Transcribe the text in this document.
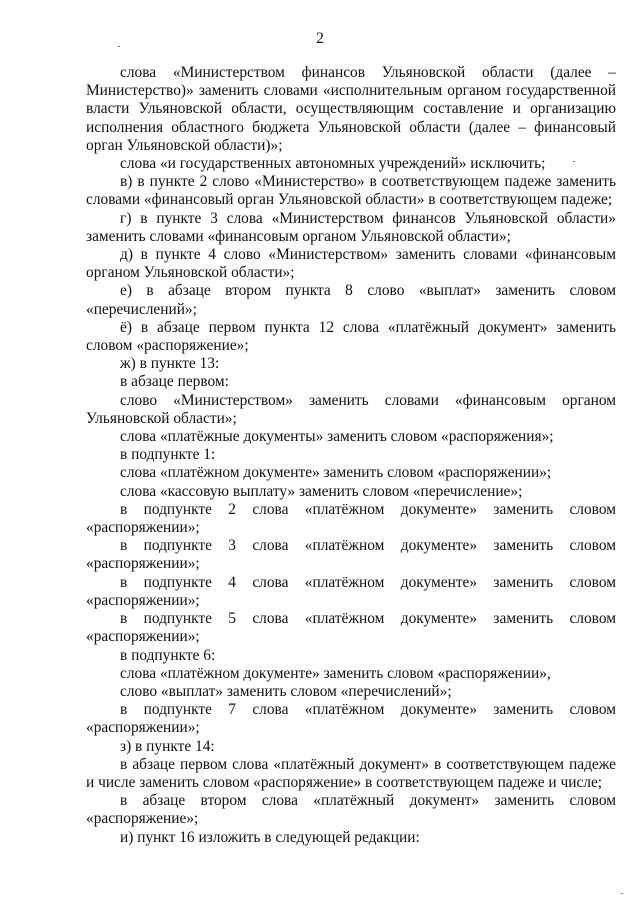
2

слова «Министерством финансов Ульяновской области (далее – Министерство)» заменить словами «исполнительным органом государственной власти Ульяновской области, осуществляющим составление и организацию исполнения областного бюджета Ульяновской области (далее – финансовый орган Ульяновской области)»;

слова «и государственных автономных учреждений» исключить;

в) в пункте 2 слово «Министерство» в соответствующем падеже заменить словами «финансовый орган Ульяновской области» в соответствующем падеже;

г) в пункте 3 слова «Министерством финансов Ульяновской области» заменить словами «финансовым органом Ульяновской области»;

д) в пункте 4 слово «Министерством» заменить словами «финансовым органом Ульяновской области»;

е) в абзаце втором пункта 8 слово «выплат» заменить словом «перечислений»;

ё) в абзаце первом пункта 12 слова «платёжный документ» заменить словом «распоряжение»;

ж) в пункте 13:

в абзаце первом:

слово «Министерством» заменить словами «финансовым органом Ульяновской области»;

слова «платёжные документы» заменить словом «распоряжения»;

в подпункте 1:

слова «платёжном документе» заменить словом «распоряжении»;

слова «кассовую выплату» заменить словом «перечисление»;

в подпункте 2 слова «платёжном документе» заменить словом «распоряжении»;

в подпункте 3 слова «платёжном документе» заменить словом «распоряжении»;

в подпункте 4 слова «платёжном документе» заменить словом «распоряжении»;

в подпункте 5 слова «платёжном документе» заменить словом «распоряжении»;

в подпункте 6:

слова «платёжном документе» заменить словом «распоряжении»,

слово «выплат» заменить словом «перечислений»;

в подпункте 7 слова «платёжном документе» заменить словом «распоряжении»;

з) в пункте 14:

в абзаце первом слова «платёжный документ» в соответствующем падеже и числе заменить словом «распоряжение» в соответствующем падеже и числе;

в абзаце втором слова «платёжный документ» заменить словом «распоряжение»;

и) пункт 16 изложить в следующей редакции:
